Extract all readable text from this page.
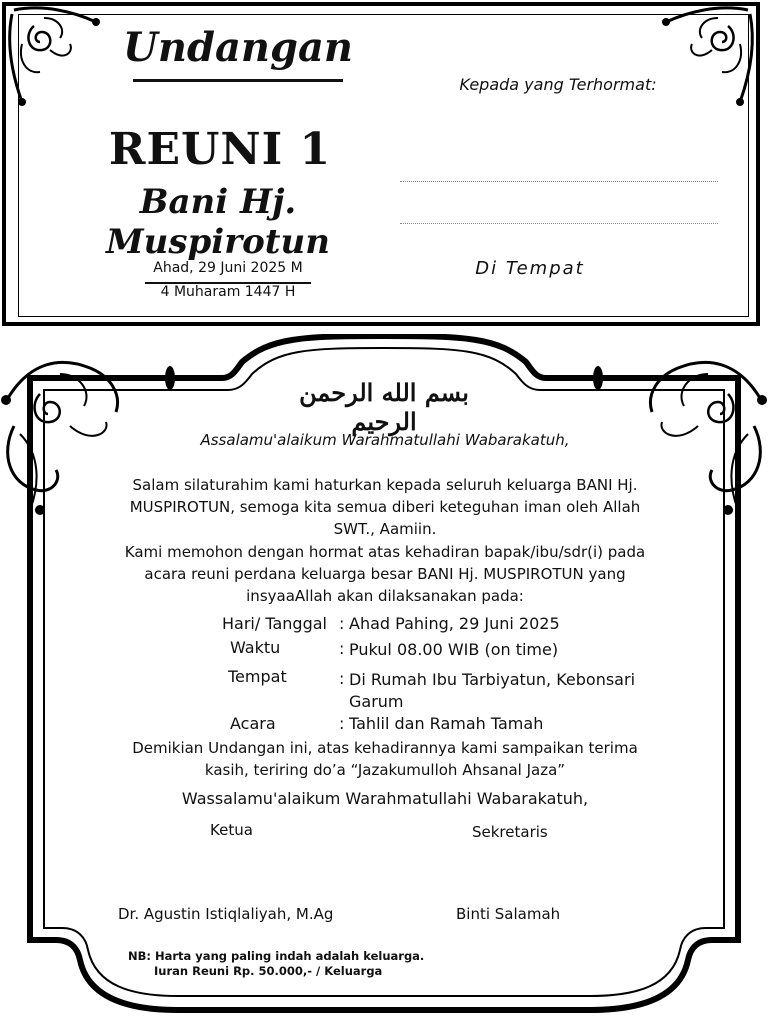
Undangan
REUNI 1
Bani Hj. Muspirotun
Ahad, 29 Juni 2025 M
4 Muharam 1447 H
Kepada yang Terhormat:
Di Tempat
بسم الله الرحمن الرحيم
Assalamu'alaikum Warahmatullahi Wabarakatuh,
Salam silaturahim kami haturkan kepada seluruh keluarga BANI Hj.
MUSPIROTUN, semoga kita semua diberi keteguhan iman oleh Allah
SWT., Aamiin.
Kami memohon dengan hormat atas kehadiran bapak/ibu/sdr(i) pada
acara reuni perdana keluarga besar BANI Hj. MUSPIROTUN yang
insyaaAllah akan dilaksanakan pada:
Hari/ Tanggal : Ahad Pahing, 29 Juni 2025
Waktu	: Pukul 08.00 WIB (on time)
Tempat	: Di Rumah Ibu Tarbiyatun, Kebonsari Garum
Acara	: Tahlil dan Ramah Tamah
Demikian Undangan ini, atas kehadirannya kami sampaikan terima
kasih, teriring do’a “Jazakumulloh Ahsanal Jaza”
Wassalamu'alaikum Warahmatullahi Wabarakatuh,
Ketua	Sekretaris
Dr. Agustin Istiqlaliyah, M.Ag	Binti Salamah
NB: Harta yang paling indah adalah keluarga.
Iuran Reuni Rp. 50.000,- / Keluarga
